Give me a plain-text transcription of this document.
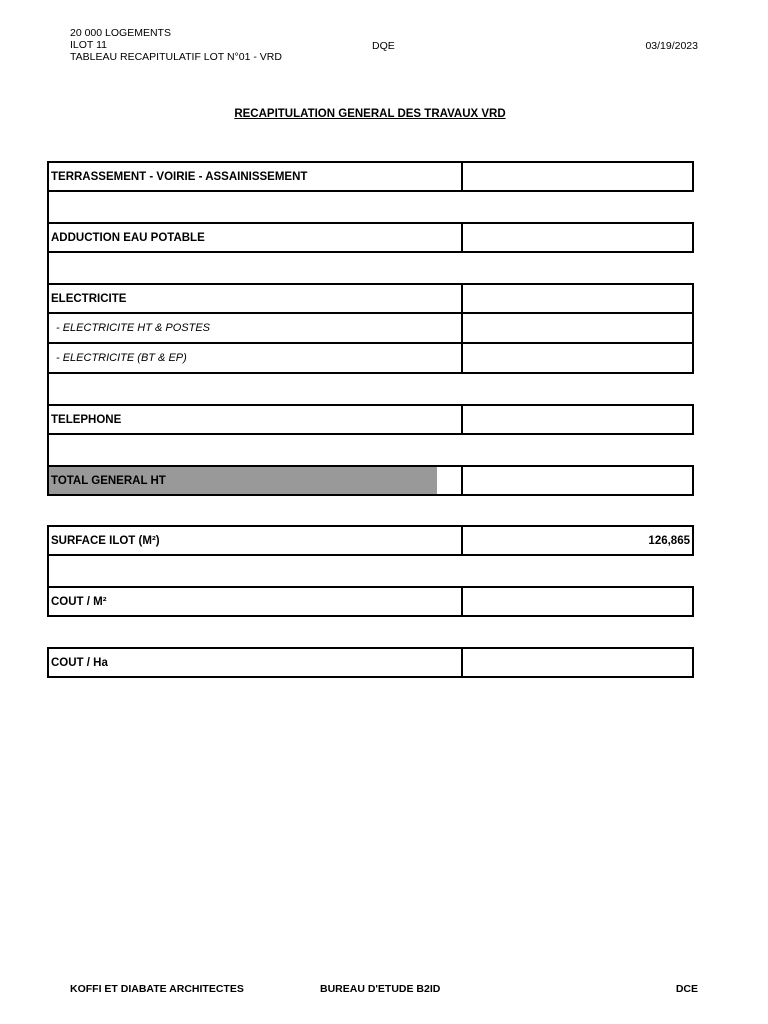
20 000 LOGEMENTS
ILOT 11
TABLEAU RECAPITULATIF LOT N°01 - VRD
DQE	03/19/2023
RECAPITULATION GENERAL DES TRAVAUX VRD
TERRASSEMENT - VOIRIE - ASSAINISSEMENT
ADDUCTION EAU POTABLE
ELECTRICITE
- ELECTRICITE HT & POSTES
- ELECTRICITE (BT & EP)
TELEPHONE
TOTAL GENERAL HT
SURFACE ILOT (M²)	126,865
COUT / M²
COUT / Ha
KOFFI ET DIABATE ARCHITECTES	BUREAU D'ETUDE B2ID	DCE
